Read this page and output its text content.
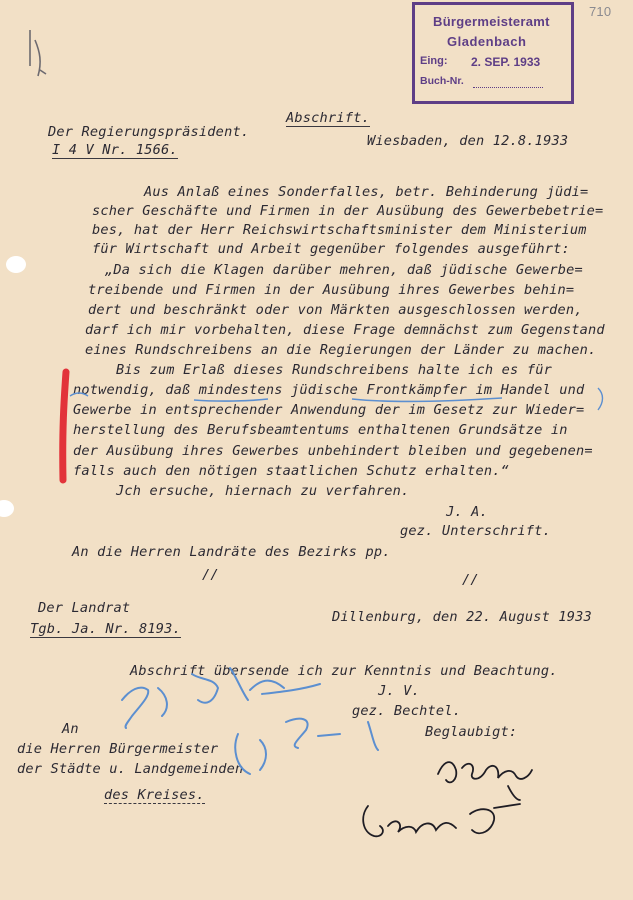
710
Bürgermeisteramt
Gladenbach
Eing: 2. SEP. 1933
Buch-Nr.
Abschrift.
Der Regierungspräsident.
Wiesbaden, den 12.8.1933
I 4 V Nr. 1566.
Aus Anlaß eines Sonderfalles, betr. Behinderung jüdi=
scher Geschäfte und Firmen in der Ausübung des Gewerbebetrie=
bes, hat der Herr Reichswirtschaftsminister dem Ministerium
für Wirtschaft und Arbeit gegenüber folgendes ausgeführt:
„Da sich die Klagen darüber mehren, daß jüdische Gewerbe=
treibende und Firmen in der Ausübung ihres Gewerbes behin=
dert und beschränkt oder von Märkten ausgeschlossen werden,
darf ich mir vorbehalten, diese Frage demnächst zum Gegenstand
eines Rundschreibens an die Regierungen der Länder zu machen.
Bis zum Erlaß dieses Rundschreibens halte ich es für
notwendig, daß mindestens jüdische Frontkämpfer im Handel und
Gewerbe in entsprechender Anwendung der im Gesetz zur Wieder=
herstellung des Berufsbeamtentums enthaltenen Grundsätze in
der Ausübung ihres Gewerbes unbehindert bleiben und gegebenen=
falls auch den nötigen staatlichen Schutz erhalten.“
Jch ersuche, hiernach zu verfahren.
J. A.
gez. Unterschrift.
An die Herren Landräte des Bezirks pp.
//	//
Der Landrat
Dillenburg, den 22. August 1933
Tgb. Ja. Nr. 8193.
Abschrift übersende ich zur Kenntnis und Beachtung.
J. V.
gez. Bechtel.
Beglaubigt:
An
die Herren Bürgermeister
der Städte u. Landgemeinden
des Kreises.
